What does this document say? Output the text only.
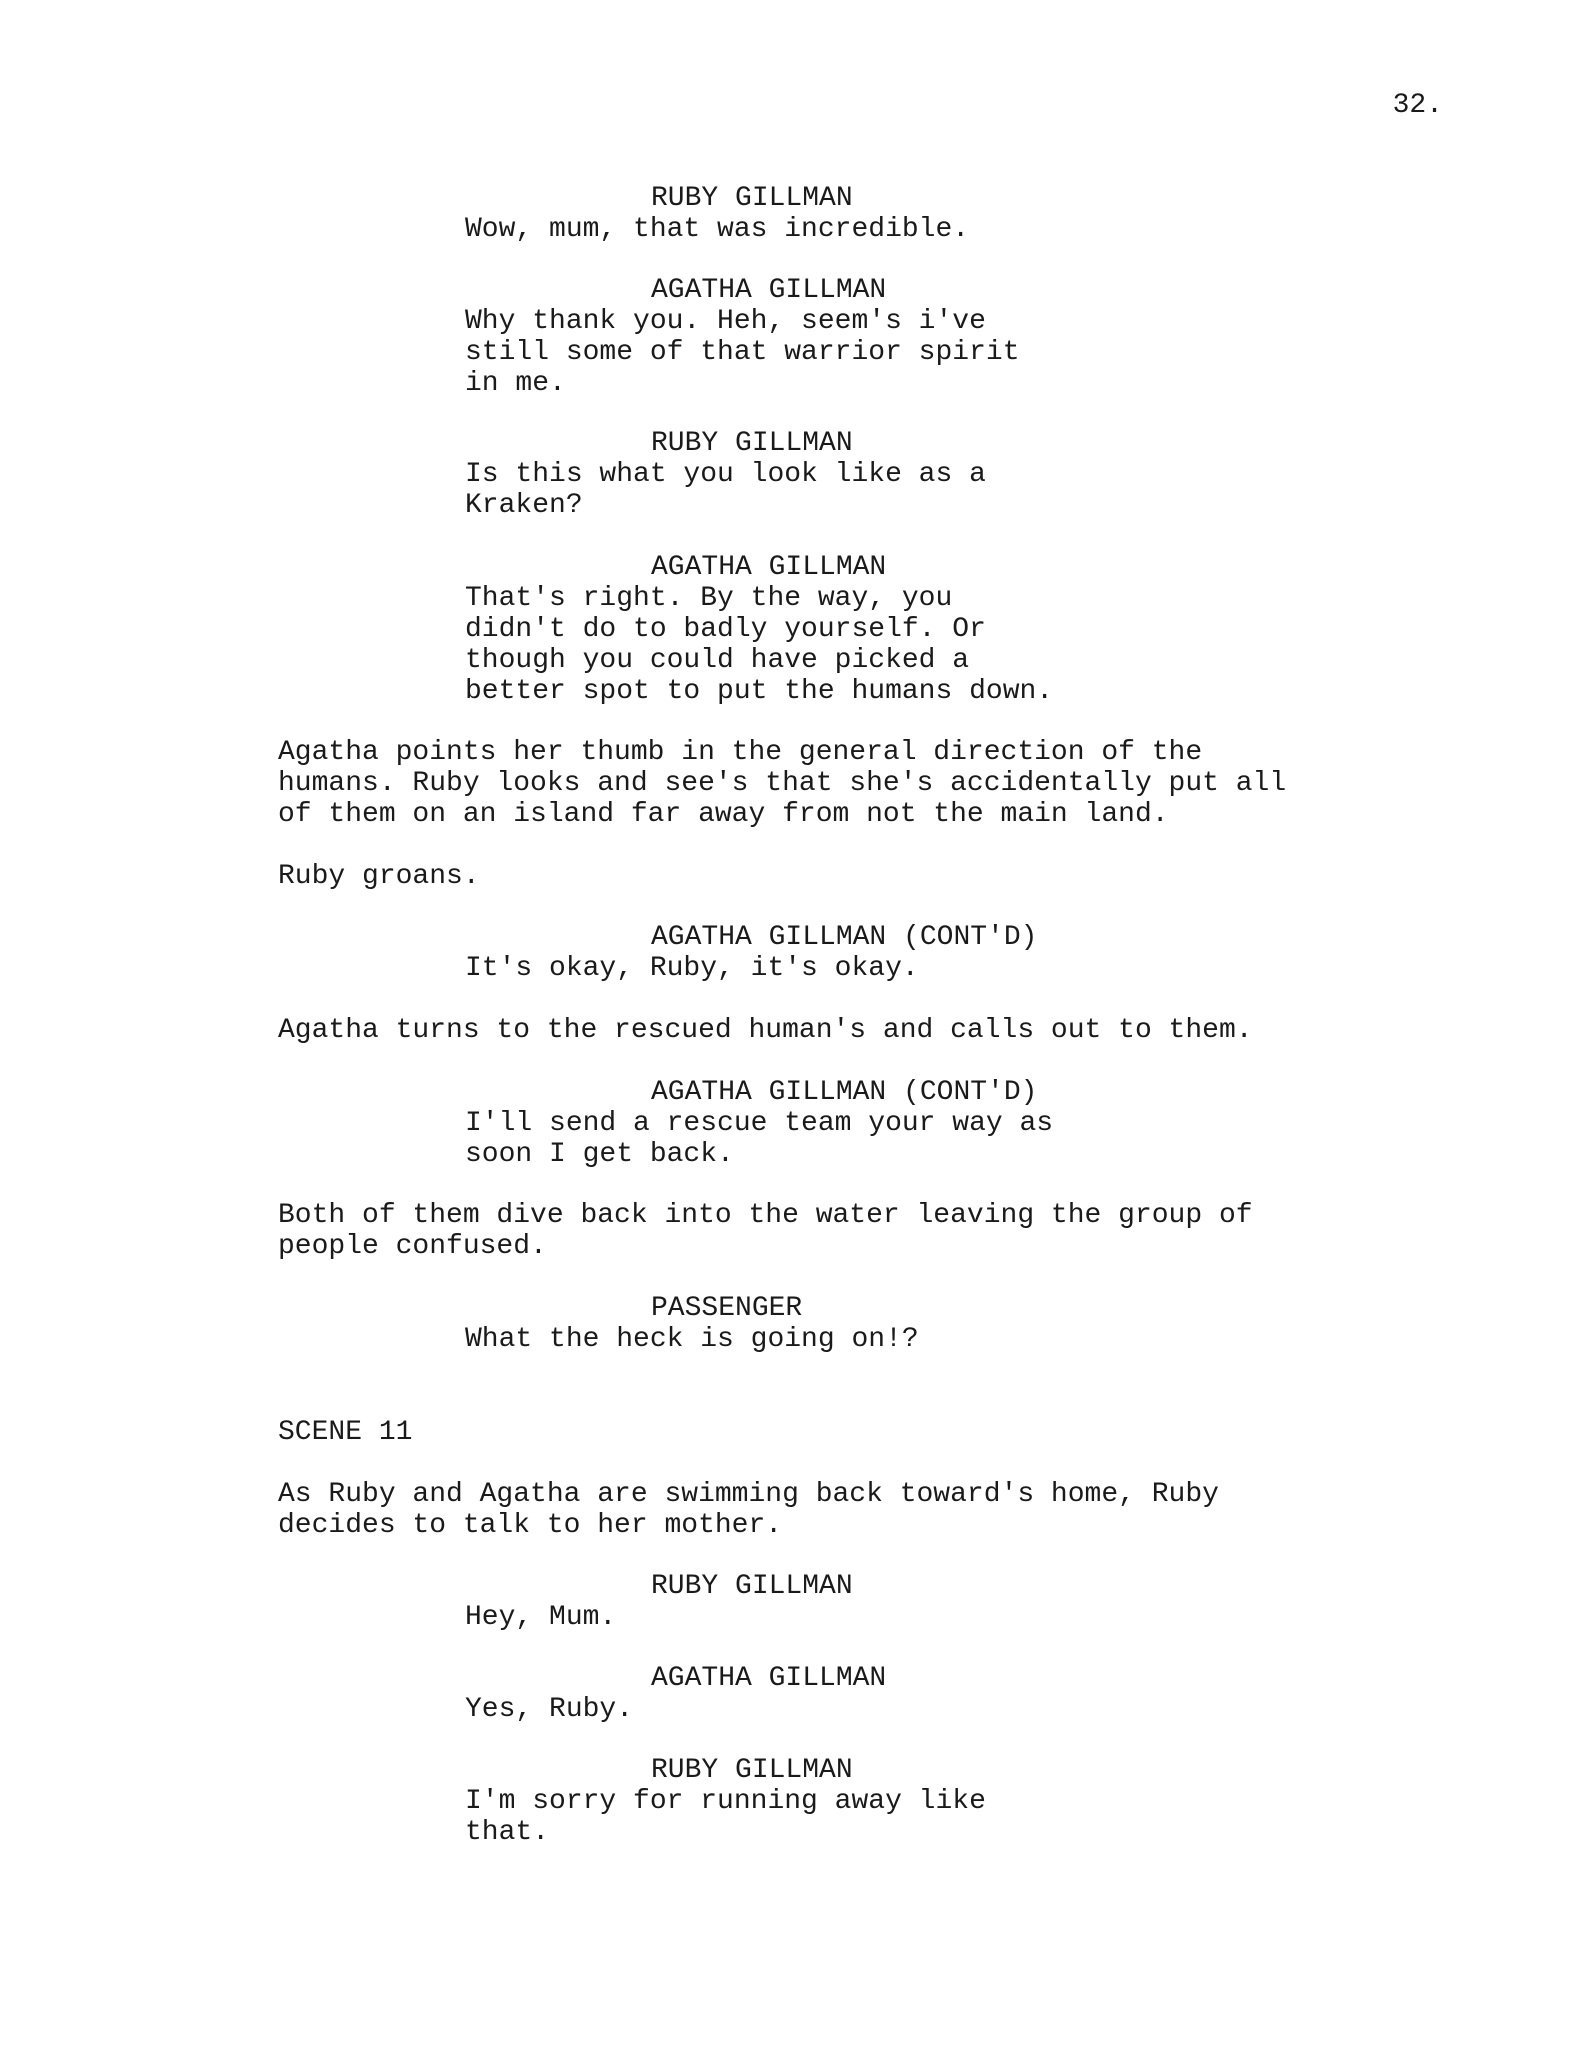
32.
RUBY GILLMAN
Wow, mum, that was incredible.
AGATHA GILLMAN
Why thank you. Heh, seem's i've
still some of that warrior spirit
in me.
RUBY GILLMAN
Is this what you look like as a
Kraken?
AGATHA GILLMAN
That's right. By the way, you
didn't do to badly yourself. Or
though you could have picked a
better spot to put the humans down.
Agatha points her thumb in the general direction of the
humans. Ruby looks and see's that she's accidentally put all
of them on an island far away from not the main land.
Ruby groans.
AGATHA GILLMAN (CONT'D)
It's okay, Ruby, it's okay.
Agatha turns to the rescued human's and calls out to them.
AGATHA GILLMAN (CONT'D)
I'll send a rescue team your way as
soon I get back.
Both of them dive back into the water leaving the group of
people confused.
PASSENGER
What the heck is going on!?
SCENE 11
As Ruby and Agatha are swimming back toward's home, Ruby
decides to talk to her mother.
RUBY GILLMAN
Hey, Mum.
AGATHA GILLMAN
Yes, Ruby.
RUBY GILLMAN
I'm sorry for running away like
that.
